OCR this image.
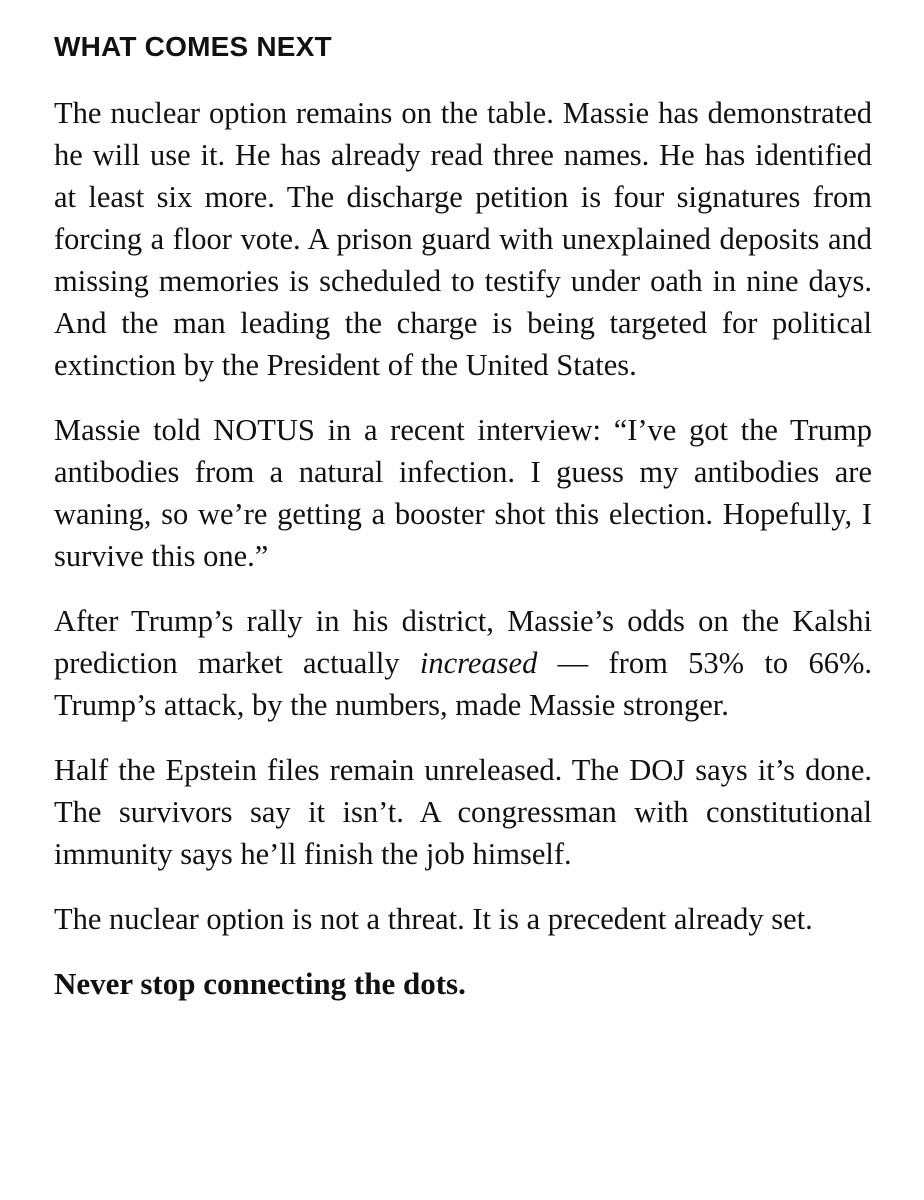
WHAT COMES NEXT

The nuclear option remains on the table. Massie has demonstrated he will use it. He has already read three names. He has identified at least six more. The discharge petition is four signatures from forcing a floor vote. A prison guard with unexplained deposits and missing memories is scheduled to testify under oath in nine days. And the man leading the charge is being targeted for political extinction by the President of the United States.

Massie told NOTUS in a recent interview: “I’ve got the Trump antibodies from a natural infection. I guess my antibodies are waning, so we’re getting a booster shot this election. Hopefully, I survive this one.”

After Trump’s rally in his district, Massie’s odds on the Kalshi prediction market actually increased — from 53% to 66%. Trump’s attack, by the numbers, made Massie stronger.

Half the Epstein files remain unreleased. The DOJ says it’s done. The survivors say it isn’t. A congressman with constitutional immunity says he’ll finish the job himself.

The nuclear option is not a threat. It is a precedent already set.

Never stop connecting the dots.
